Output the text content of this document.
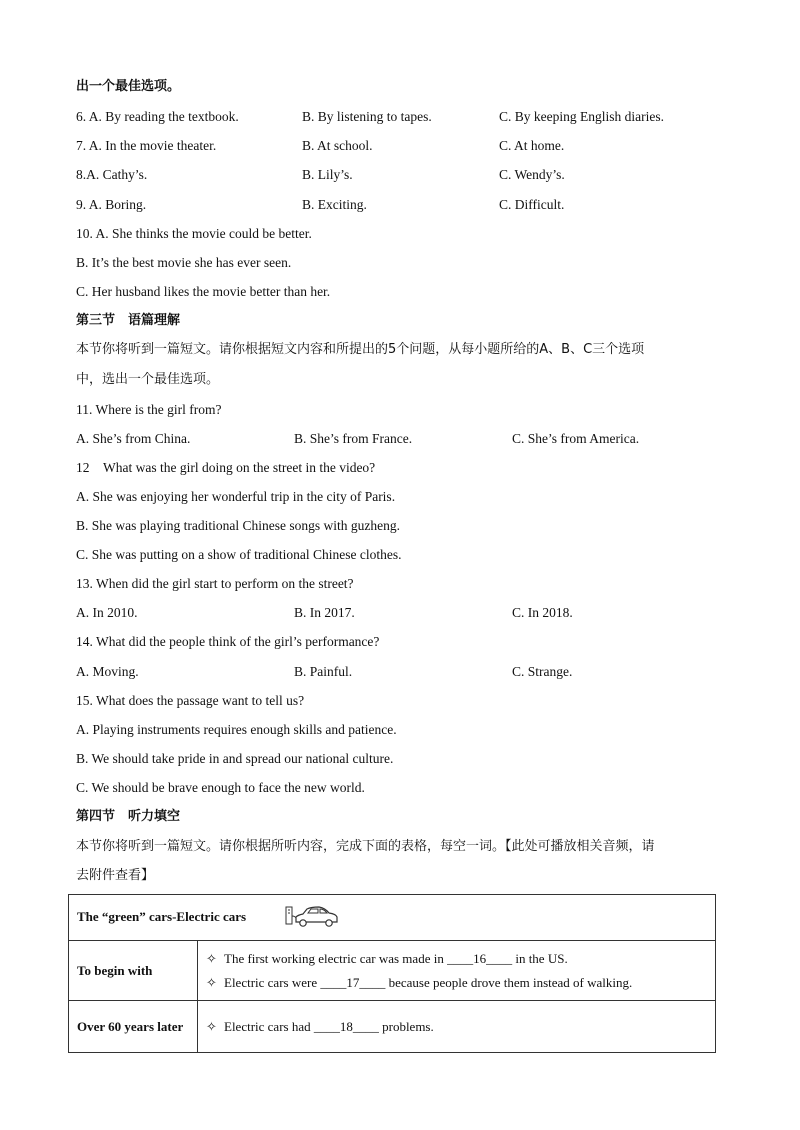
出一个最佳选项。
6. A. By reading the textbook.	B. By listening to tapes.	C. By keeping English diaries.
7. A. In the movie theater.	B. At school.	C. At home.
8.A. Cathy’s.	B. Lily’s.	C. Wendy’s.
9. A. Boring.	B. Exciting.	C. Difficult.
10. A. She thinks the movie could be better.
B. It’s the best movie she has ever seen.
C. Her husband likes the movie better than her.
第三节　语篇理解
本节你将听到一篇短文。请你根据短文内容和所提出的5个问题，从每小题所给的A、B、C三个选项
中，选出一个最佳选项。
11. Where is the girl from?
A. She’s from China.	B. She’s from France.	C. She’s from America.
12　What was the girl doing on the street in the video?
A. She was enjoying her wonderful trip in the city of Paris.
B. She was playing traditional Chinese songs with guzheng.
C. She was putting on a show of traditional Chinese clothes.
13. When did the girl start to perform on the street?
A. In 2010.	B. In 2017.	C. In 2018.
14. What did the people think of the girl’s performance?
A. Moving.	B. Painful.	C. Strange.
15. What does the passage want to tell us?
A. Playing instruments requires enough skills and patience.
B. We should take pride in and spread our national culture.
C. We should be brave enough to face the new world.
第四节　听力填空
本节你将听到一篇短文。请你根据所听内容，完成下面的表格，每空一词。【此处可播放相关音频，请
去附件查看】
The “green” cars-Electric cars	
To begin with	✧ The first working electric car was made in ____16____ in the US.
✧ Electric cars were ____17____ because people drove them instead of walking.

Over 60 years later	✧ Electric cars had ____18____ problems.
